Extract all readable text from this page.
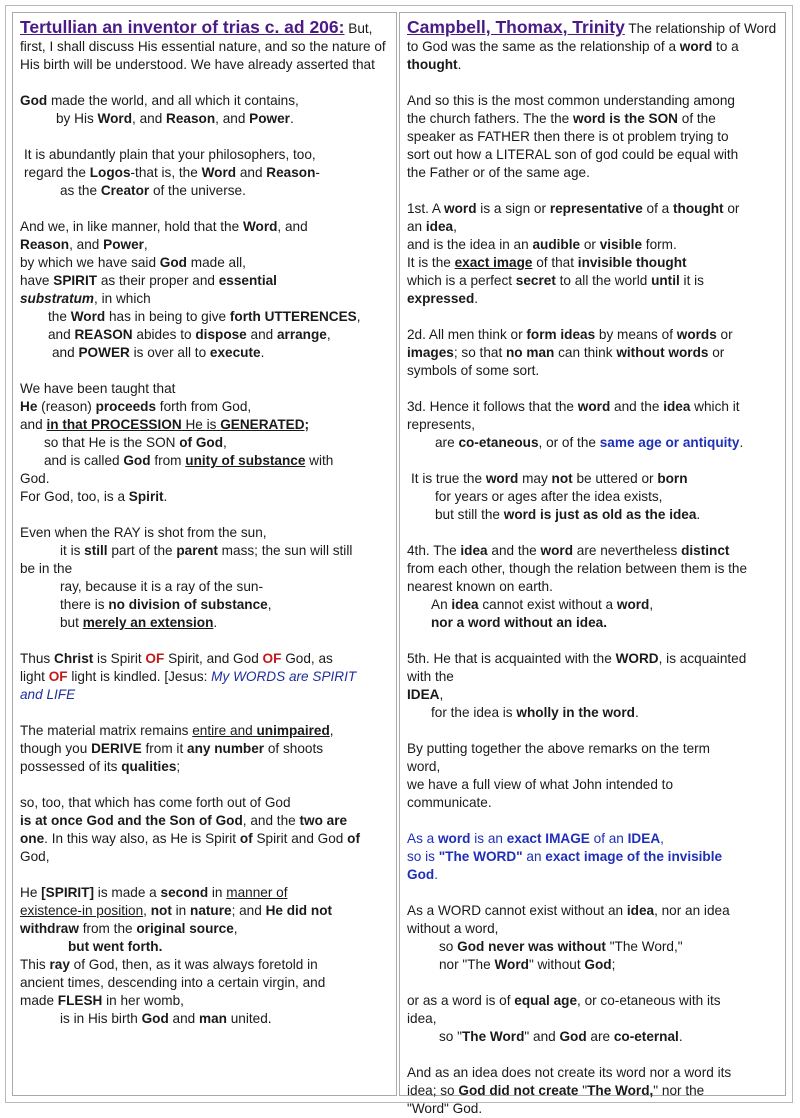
Tertullian an inventor of trias c. ad 206: But, first, I shall discuss His essential nature, and so the nature of His birth will be understood. We have already asserted that

God made the world, and all which it contains,
by His Word, and Reason, and Power.

It is abundantly plain that your philosophers, too,
regard the Logos-that is, the Word and Reason-
as the Creator of the universe.

And we, in like manner, hold that the Word, and
Reason, and Power,
by which we have said God made all,
have SPIRIT as their proper and essential
substratum, in which
the Word has in being to give forth UTTERENCES,
and REASON abides to dispose and arrange,
and POWER is over all to execute.

We have been taught that
He (reason) proceeds forth from God,
and in that PROCESSION He is GENERATED;
so that He is the SON of God,
and is called God from unity of substance with
God.
For God, too, is a Spirit.

Even when the RAY is shot from the sun,
it is still part of the parent mass; the sun will still
be in the
ray, because it is a ray of the sun-
there is no division of substance,
but merely an extension.

Thus Christ is Spirit OF Spirit, and God OF God, as
light OF light is kindled. [Jesus: My WORDS are SPIRIT
and LIFE

The material matrix remains entire and unimpaired,
though you DERIVE from it any number of shoots
possessed of its qualities;

so, too, that which has come forth out of God
is at once God and the Son of God, and the two are
one. In this way also, as He is Spirit of Spirit and God of
God,

He [SPIRIT] is made a second in manner of
existence-in position, not in nature; and He did not
withdraw from the original source,
but went forth.
This ray of God, then, as it was always foretold in
ancient times, descending into a certain virgin, and
made FLESH in her womb,
is in His birth God and man united.

Campbell, Thomax, Trinity The relationship of Word to God was the same as the relationship of a word to a thought.

And so this is the most common understanding among
the church fathers. The the word is the SON of the
speaker as FATHER then there is ot problem trying to
sort out how a LITERAL son of god could be equal with
the Father or of the same age.

1st. A word is a sign or representative of a thought or
an idea,
and is the idea in an audible or visible form.
It is the exact image of that invisible thought
which is a perfect secret to all the world until it is
expressed.

2d. All men think or form ideas by means of words or
images; so that no man can think without words or
symbols of some sort.

3d. Hence it follows that the word and the idea which it
represents,
are co-etaneous, or of the same age or antiquity.

It is true the word may not be uttered or born
for years or ages after the idea exists,
but still the word is just as old as the idea.

4th. The idea and the word are nevertheless distinct
from each other, though the relation between them is the
nearest known on earth.
An idea cannot exist without a word,
nor a word without an idea.

5th. He that is acquainted with the WORD, is acquainted
with the
IDEA,
for the idea is wholly in the word.

By putting together the above remarks on the term
word,
we have a full view of what John intended to
communicate.

As a word is an exact IMAGE of an IDEA,
so is "The WORD" an exact image of the invisible
God.

As a WORD cannot exist without an idea, nor an idea
without a word,
so God never was without "The Word,"
nor "The Word" without God;

or as a word is of equal age, or co-etaneous with its
idea,
so "The Word" and God are co-eternal.

And as an idea does not create its word nor a word its
idea; so God did not create "The Word," nor the
"Word" God.
